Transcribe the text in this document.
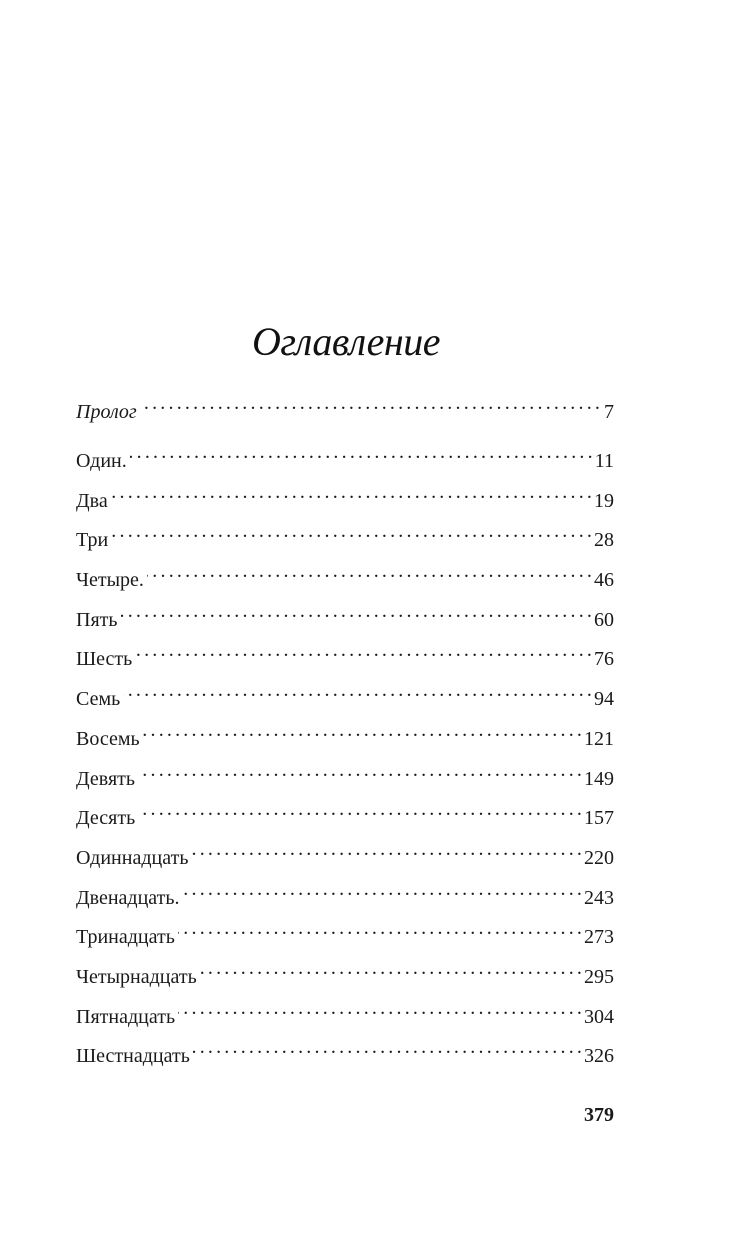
Оглавление
Пролог . . .	7
Один. . . .	11
Два . . .	19
Три . . .	28
Четыре. . . .	46
Пять . . .	60
Шесть . . .	76
Семь . . .	94
Восемь . . .	121
Девять . . .	149
Десять . . .	157
Одиннадцать . . .	220
Двенадцать. . . .	243
Тринадцать . . .	273
Четырнадцать . . .	295
Пятнадцать . . .	304
Шестнадцать . . .	326
379
